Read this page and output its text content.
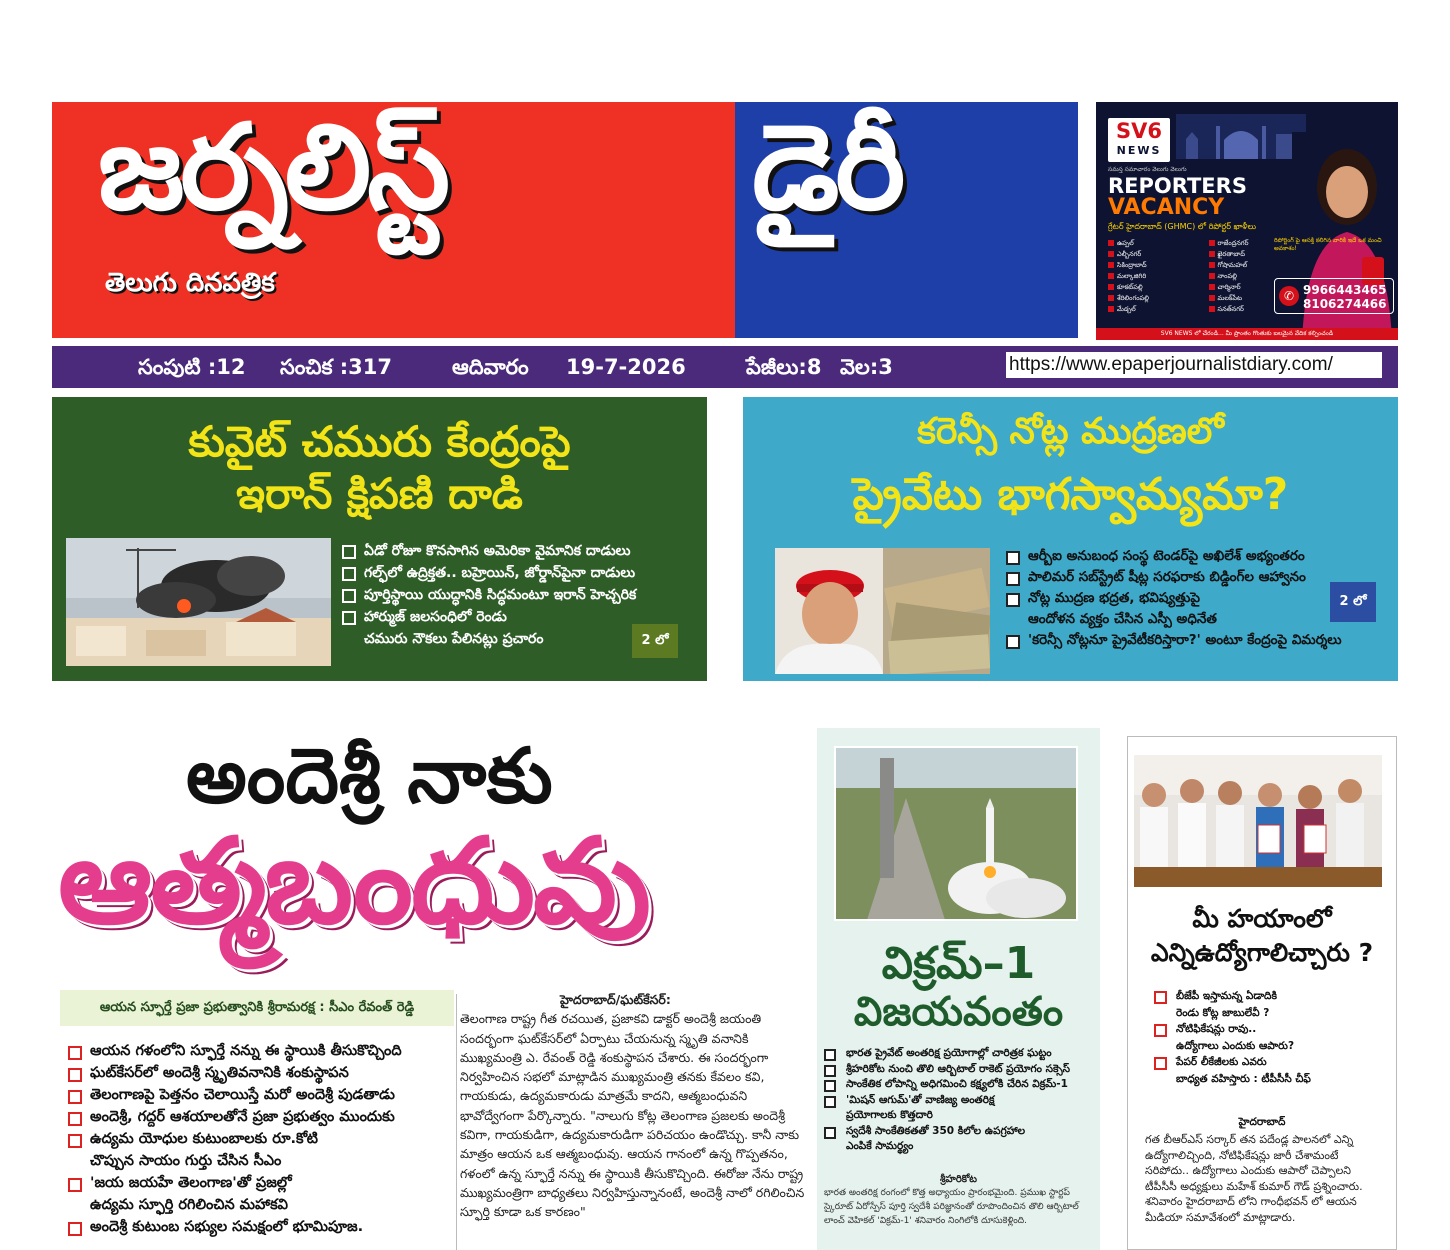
జర్నలిస్ట్	డైరీ
తెలుగు దినపత్రిక
SV6
NEWS
సమస్త సమాచారం వెలుగు వెలుగు
REPORTERS
VACANCY
గ్రేటర్ హైదరాబాద్ (GHMC) లో రిపోర్టర్ ఖాళీలు
ఉప్పల్
ఎల్బీనగర్
సికింద్రాబాద్
మల్కాజిగిరి
కూకట్‌పల్లి
శేరిలింగంపల్లి
మేడ్చల్
రాజేంద్రనగర్
ఖైరతాబాద్
గోషామహల్
నాంపల్లి
చార్మినార్
మలక్‌పేట
సనత్‌నగర్
SV6 NEWS లో చేరండి... మీ ప్రాంతం గొంతుకు బలమైన వేదిక కల్పించండి
రిపోర్టింగ్ పై ఆసక్తి కలిగిన వారికి ఇదే ఒక మంచి అవకాశం!
✆ 9966443465
8106274466
సంపుటి :12 సంచిక :317	ఆదివారం 19-7-2026	పేజీలు:8 వెల:3	https://www.epaperjournalistdiary.com/
కువైట్ చమురు కేంద్రంపై
ఇరాన్ క్షిపణి దాడి
ఏడో రోజూ కొనసాగిన అమెరికా వైమానిక దాడులు
గల్ఫ్‌లో ఉద్రిక్తత.. బహ్రెయిన్, జోర్డాన్‌పైనా దాడులు
పూర్తిస్థాయి యుద్ధానికి సిద్ధమంటూ ఇరాన్ హెచ్చరిక
హార్ముజ్ జలసంధిలో రెండు
చమురు నౌకలు పేలినట్లు ప్రచారం	2 లో
కరెన్సీ నోట్ల ముద్రణలో
ప్రైవేటు భాగస్వామ్యమా?
ఆర్బీఐ అనుబంధ సంస్థ టెండర్‌పై అఖిలేశ్ అభ్యంతరం
పాలిమర్ సబ్‌స్ట్రేట్ షీట్ల సరఫరాకు బిడ్డింగ్‌ల ఆహ్వానం
నోట్ల ముద్రణ భద్రత, భవిష్యత్తుపై
ఆందోళన వ్యక్తం చేసిన ఎస్పీ అధినేత
'కరెన్సీ నోట్లనూ ప్రైవేటీకరిస్తారా?' అంటూ కేంద్రంపై విమర్శలు
2 లో
అందెశ్రీ నాకు
ఆత్మబంధువు
ఆయన స్ఫూర్తే ప్రజా ప్రభుత్వానికి శ్రీరామరక్ష : సీఎం రేవంత్ రెడ్డి
ఆయన గళంలోని స్ఫూర్తే నన్ను ఈ స్థాయికి తీసుకొచ్చింది
ఘట్‌కేసర్‌లో అందెశ్రీ స్మృతివనానికి శంకుస్థాపన
తెలంగాణపై పెత్తనం చెలాయిస్తే మరో అందెశ్రీ పుడతాడు
అందెశ్రీ, గద్దర్ ఆశయాలతోనే ప్రజా ప్రభుత్వం ముందుకు
ఉద్యమ యోధుల కుటుంబాలకు రూ.కోటి
చొప్పున సాయం గుర్తు చేసిన సీఎం
'జయ జయహే తెలంగాణ'తో ప్రజల్లో
ఉద్యమ స్ఫూర్తి రగిలించిన మహాకవి
అందెశ్రీ కుటుంబ సభ్యుల సమక్షంలో భూమిపూజ.

హైదరాబాద్/ఘట్‌కేసర్:

తెలంగాణ రాష్ట్ర గీత రచయిత, ప్రజాకవి డాక్టర్ అందెశ్రీ జయంతి సందర్భంగా ఘట్‌కేసర్‌లో ఏర్పాటు చేయనున్న స్మృతి వనానికి ముఖ్యమంత్రి ఎ. రేవంత్ రెడ్డి శంకుస్థాపన చేశారు. ఈ సందర్భంగా నిర్వహించిన సభలో మాట్లాడిన ముఖ్యమంత్రి తనకు కేవలం కవి, గాయకుడు, ఉద్యమకారుడు మాత్రమే కాదని, ఆత్మబంధువని భావోద్వేగంగా పేర్కొన్నారు. "నాలుగు కోట్ల తెలంగాణ ప్రజలకు అందెశ్రీ కవిగా, గాయకుడిగా, ఉద్యమకారుడిగా పరిచయం ఉండొచ్చు. కానీ నాకు మాత్రం ఆయన ఒక ఆత్మబంధువు. ఆయన గానంలో ఉన్న గొప్పతనం, గళంలో ఉన్న స్ఫూర్తే నన్ను ఈ స్థాయికి తీసుకొచ్చింది. ఈరోజు నేను రాష్ట్ర ముఖ్యమంత్రిగా బాధ్యతలు నిర్వహిస్తున్నానంటే, అందెశ్రీ నాలో రగిలించిన స్ఫూర్తి కూడా ఒక కారణం"

విక్రమ్–1
విజయవంతం
భారత ప్రైవేట్ అంతరిక్ష ప్రయోగాల్లో చారిత్రక ఘట్టం
శ్రీహరికోట నుంచి తొలి ఆర్బిటాల్ రాకెట్ ప్రయోగం సక్సెస్
సాంకేతిక లోపాన్ని అధిగమించి కక్ష్యలోకి చేరిన విక్రమ్-1
'మిషన్ ఆగుమ్'తో వాణిజ్య అంతరిక్ష
ప్రయోగాలకు కొత్తదారి
స్వదేశీ సాంకేతికతతో 350 కిలోల ఉపగ్రహాల
ఎంపికే సామర్థ్యం
శ్రీహరికోట
భారత అంతరిక్ష రంగంలో కొత్త అధ్యాయం ప్రారంభమైంది. ప్రముఖ స్టార్టప్ స్కైరూట్ ఏరోస్పేస్ పూర్తి స్వదేశీ పరిజ్ఞానంతో రూపొందించిన తొలి ఆర్బిటాల్ లాంచ్ వెహికల్ 'విక్రమ్-1' శనివారం నింగిలోకి దూసుకెళ్లింది.
మీ హయాంలో
ఎన్నిఉద్యోగాలిచ్చారు ?
బీజేపీ ఇస్తామన్న ఏడాదికి
రెండు కోట్ల జాబులేవీ ?
నోటిఫికేషన్లు రావు..
ఉద్యోగాలు ఎందుకు ఆపారు?
పేపర్ లీకేజీలకు ఎవరు
బాధ్యత వహిస్తారు : టీపీసీసీ చీఫ్
హైదరాబాద్
గత బీఆర్ఎస్ సర్కార్ తన పదేండ్ల పాలనలో ఎన్ని ఉద్యోగాలిచ్చింది, నోటిఫికేషన్లు జారీ చేశామంటే సరిపోదు.. ఉద్యోగాలు ఎందుకు ఆపారో చెప్పాలని టీపీసీసీ అధ్యక్షులు మహేశ్ కుమార్ గౌడ్ ప్రశ్నించారు. శనివారం హైదరాబాద్ లోని గాంధీభవన్ లో ఆయన మీడియా సమావేశంలో మాట్లాడారు.
